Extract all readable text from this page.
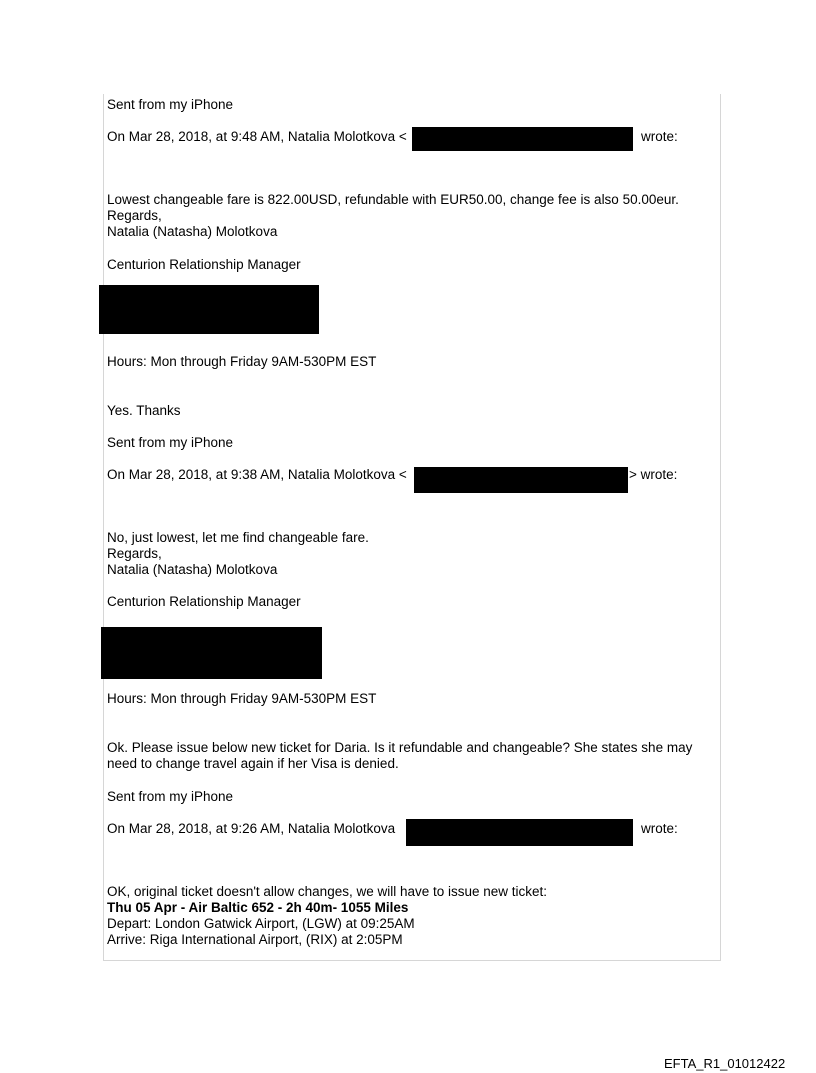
Sent from my iPhone
On Mar 28, 2018, at 9:48 AM, Natalia Molotkova <	wrote:
Lowest changeable fare is 822.00USD, refundable with EUR50.00, change fee is also 50.00eur.
Regards,
Natalia (Natasha) Molotkova
Centurion Relationship Manager
Hours: Mon through Friday 9AM-530PM EST
Yes. Thanks
Sent from my iPhone
On Mar 28, 2018, at 9:38 AM, Natalia Molotkova <	> wrote:
No, just lowest, let me find changeable fare.
Regards,
Natalia (Natasha) Molotkova
Centurion Relationship Manager
Hours: Mon through Friday 9AM-530PM EST
Ok. Please issue below new ticket for Daria. Is it refundable and changeable? She states she may
need to change travel again if her Visa is denied.
Sent from my iPhone
On Mar 28, 2018, at 9:26 AM, Natalia Molotkova	wrote:
OK, original ticket doesn't allow changes, we will have to issue new ticket:
Thu 05 Apr - Air Baltic 652 - 2h 40m- 1055 Miles
Depart: London Gatwick Airport, (LGW) at 09:25AM
Arrive: Riga International Airport, (RIX) at 2:05PM
EFTA_R1_01012422
